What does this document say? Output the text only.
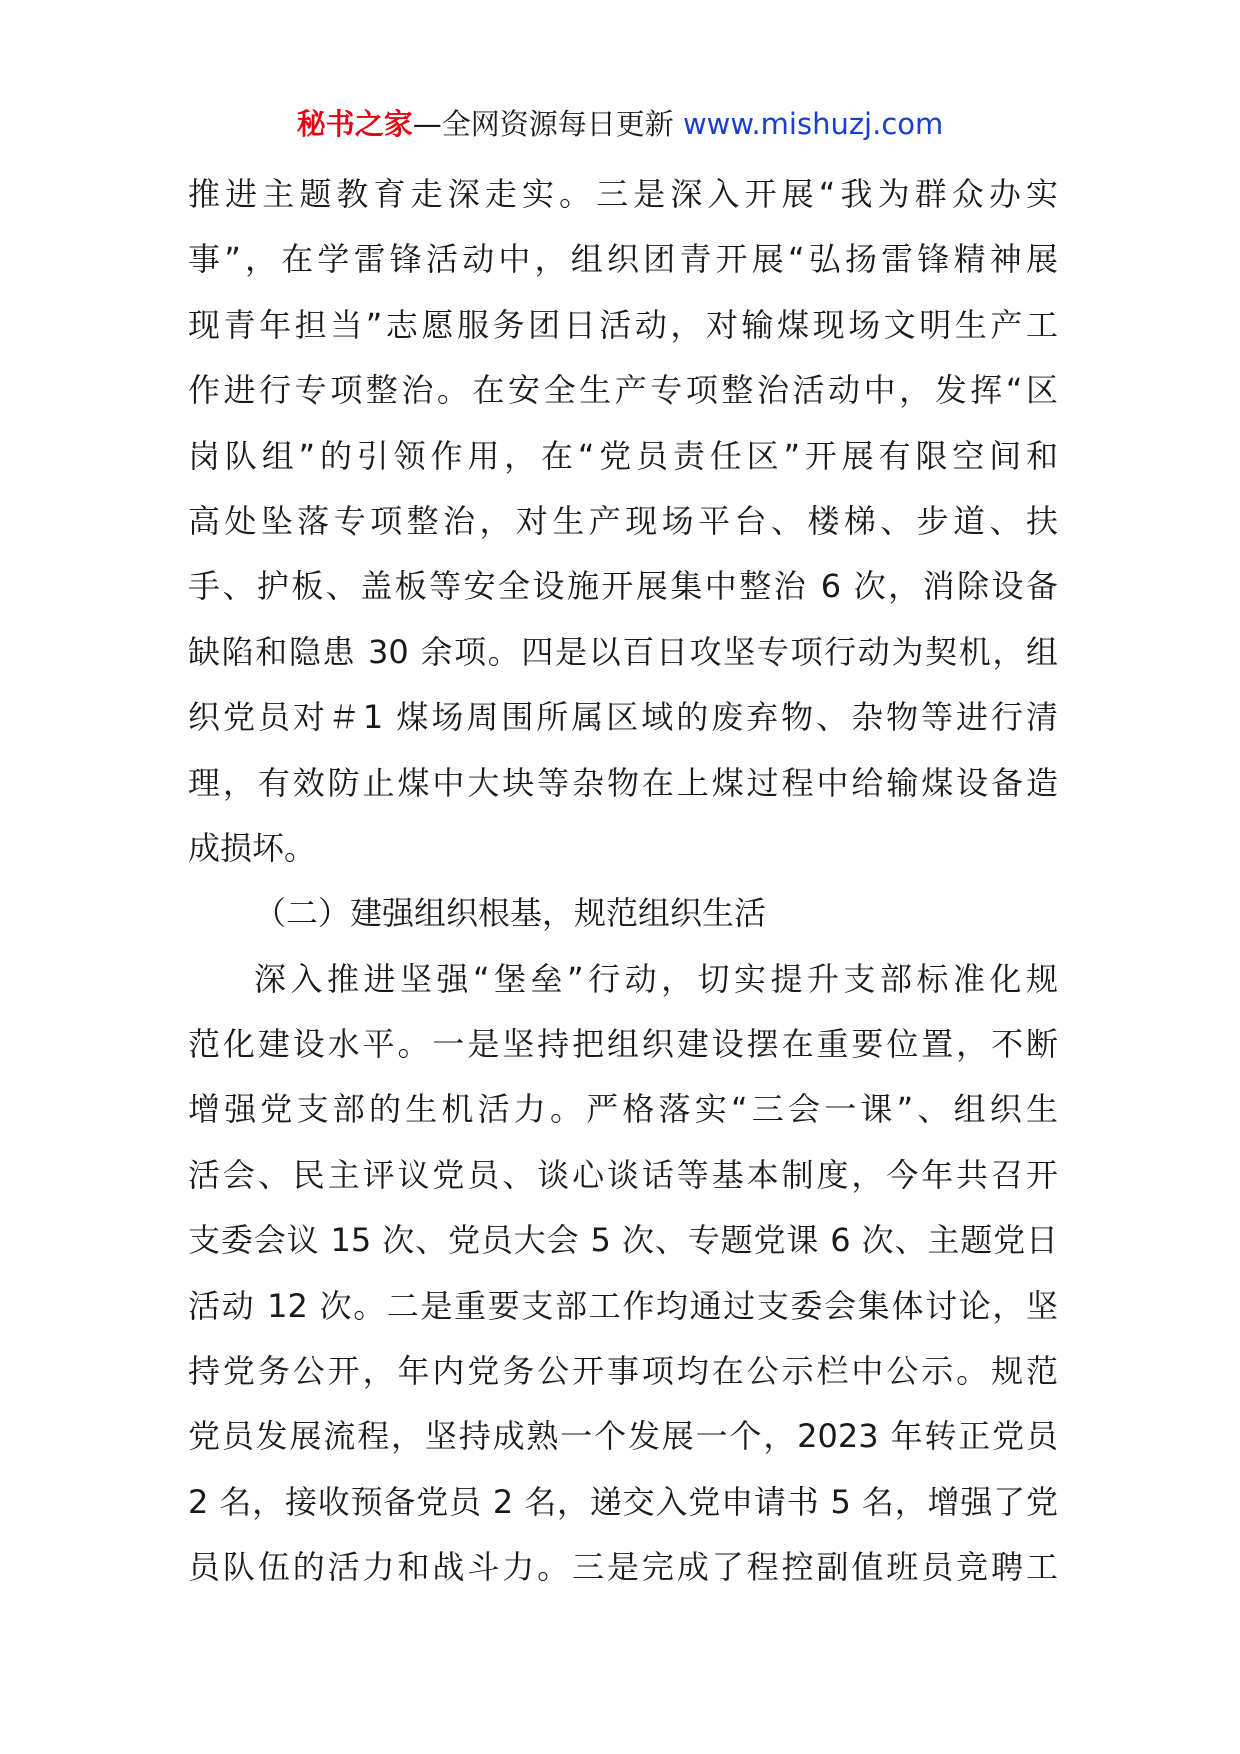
秘书之家—全网资源每日更新 www.mishuzj.com
推进主题教育走深走实。三是深入开展“我为群众办实
事”，在学雷锋活动中，组织团青开展“弘扬雷锋精神展
现青年担当”志愿服务团日活动，对输煤现场文明生产工
作进行专项整治。在安全生产专项整治活动中，发挥“区
岗队组”的引领作用，在“党员责任区”开展有限空间和
高处坠落专项整治，对生产现场平台、楼梯、步道、扶
手、护板、盖板等安全设施开展集中整治 6 次，消除设备
缺陷和隐患 30 余项。四是以百日攻坚专项行动为契机，组
织党员对＃1 煤场周围所属区域的废弃物、杂物等进行清
理，有效防止煤中大块等杂物在上煤过程中给输煤设备造
成损坏。
（二）建强组织根基，规范组织生活
深入推进坚强“堡垒”行动，切实提升支部标准化规
范化建设水平。一是坚持把组织建设摆在重要位置，不断
增强党支部的生机活力。严格落实“三会一课”、组织生
活会、民主评议党员、谈心谈话等基本制度，今年共召开
支委会议 15 次、党员大会 5 次、专题党课 6 次、主题党日
活动 12 次。二是重要支部工作均通过支委会集体讨论，坚
持党务公开，年内党务公开事项均在公示栏中公示。规范
党员发展流程，坚持成熟一个发展一个，2023 年转正党员
2 名，接收预备党员 2 名，递交入党申请书 5 名，增强了党
员队伍的活力和战斗力。三是完成了程控副值班员竞聘工
